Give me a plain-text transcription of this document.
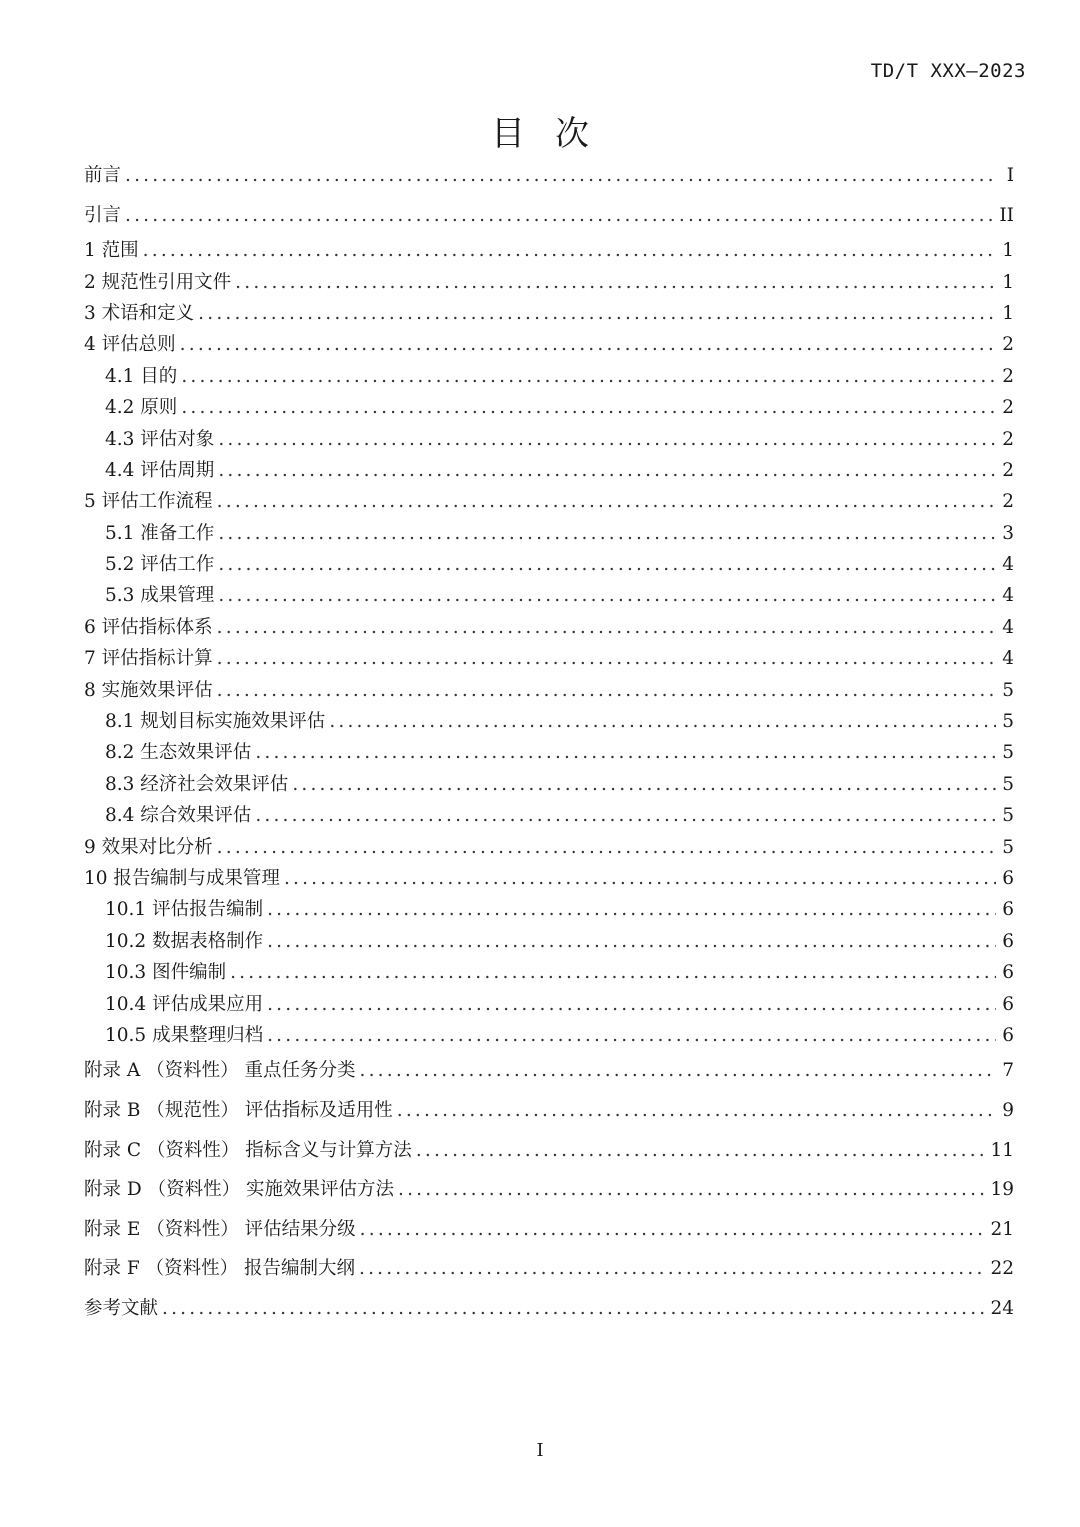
TD/T XXX—2023
目次
前言 .....	I
引言 .....	II
1 范围 .....	1
2 规范性引用文件 .....	1
3 术语和定义 .....	1
4 评估总则 .....	2
4.1 目的 .....	2
4.2 原则 .....	2
4.3 评估对象 .....	2
4.4 评估周期 .....	2
5 评估工作流程 .....	2
5.1 准备工作 .....	3
5.2 评估工作 .....	4
5.3 成果管理 .....	4
6 评估指标体系 .....	4
7 评估指标计算 .....	4
8 实施效果评估 .....	5
8.1 规划目标实施效果评估 .....	5
8.2 生态效果评估 .....	5
8.3 经济社会效果评估 .....	5
8.4 综合效果评估 .....	5
9 效果对比分析 .....	5
10 报告编制与成果管理 .....	6
10.1 评估报告编制 .....	6
10.2 数据表格制作 .....	6
10.3 图件编制 .....	6
10.4 评估成果应用 .....	6
10.5 成果整理归档 .....	6
附录 A （资料性） 重点任务分类 .....	7
附录 B （规范性） 评估指标及适用性 .....	9
附录 C （资料性） 指标含义与计算方法 .....	11
附录 D （资料性） 实施效果评估方法 .....	19
附录 E （资料性） 评估结果分级 .....	21
附录 F （资料性） 报告编制大纲 .....	22
参考文献 .....	24
I
